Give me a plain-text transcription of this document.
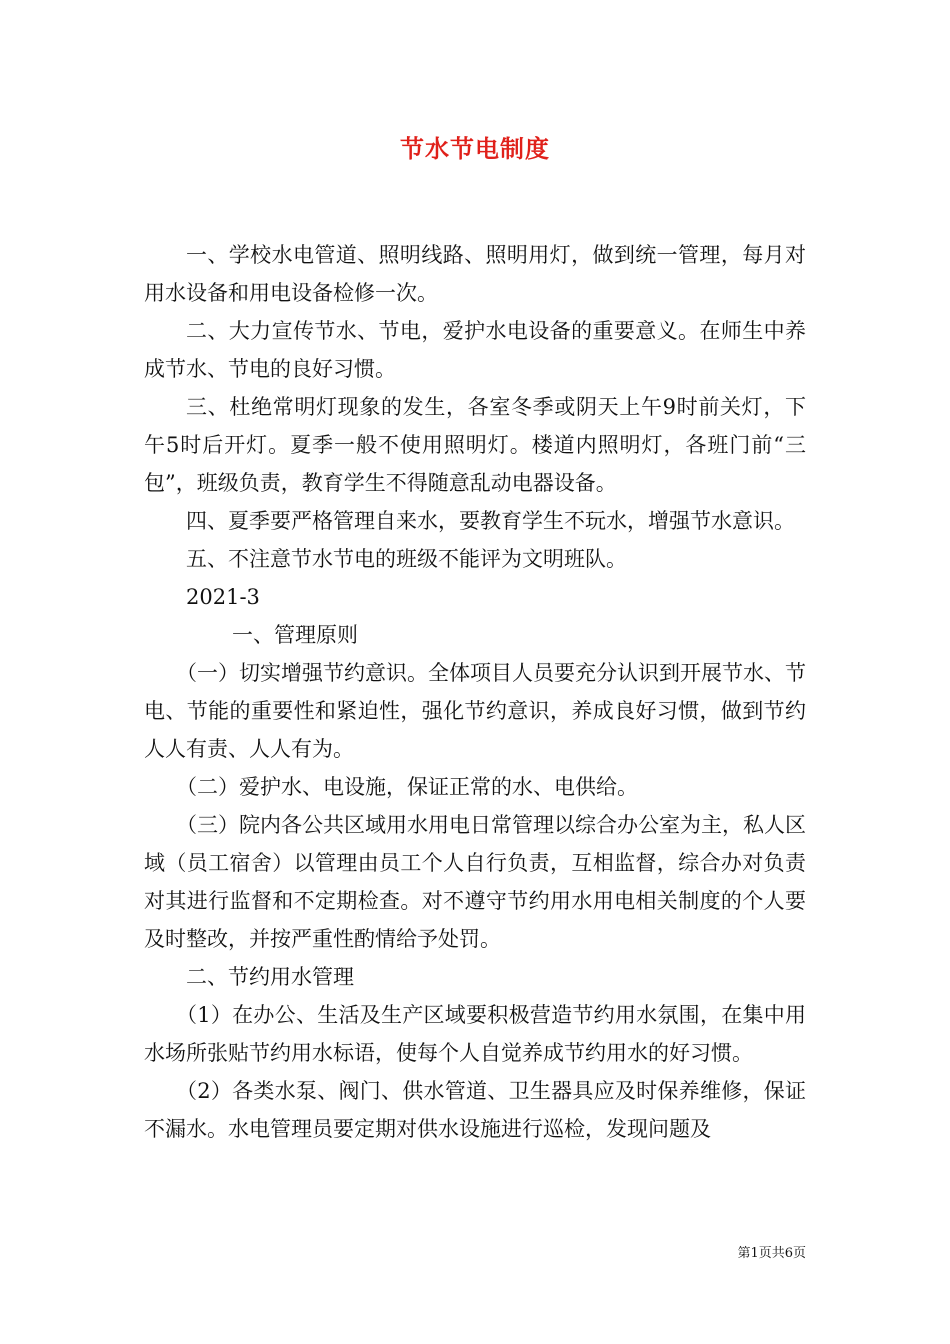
节水节电制度

一、学校水电管道、照明线路、照明用灯，做到统一管理，每月对用水设备和用电设备检修一次。

二、大力宣传节水、节电，爱护水电设备的重要意义。在师生中养成节水、节电的良好习惯。

三、杜绝常明灯现象的发生，各室冬季或阴天上午9时前关灯，下午5时后开灯。夏季一般不使用照明灯。楼道内照明灯，各班门前“三包”，班级负责，教育学生不得随意乱动电器设备。

四、夏季要严格管理自来水，要教育学生不玩水，增强节水意识。

五、不注意节水节电的班级不能评为文明班队。

2021-3

一、管理原则

（一）切实增强节约意识。全体项目人员要充分认识到开展节水、节电、节能的重要性和紧迫性，强化节约意识，养成良好习惯，做到节约人人有责、人人有为。

（二）爱护水、电设施，保证正常的水、电供给。

（三）院内各公共区域用水用电日常管理以综合办公室为主，私人区域（员工宿舍）以管理由员工个人自行负责，互相监督，综合办对负责对其进行监督和不定期检查。对不遵守节约用水用电相关制度的个人要及时整改，并按严重性酌情给予处罚。

二、节约用水管理

（1）在办公、生活及生产区域要积极营造节约用水氛围，在集中用水场所张贴节约用水标语，使每个人自觉养成节约用水的好习惯。

（2）各类水泵、阀门、供水管道、卫生器具应及时保养维修，保证不漏水。水电管理员要定期对供水设施进行巡检，发现问题及

第1页共6页
